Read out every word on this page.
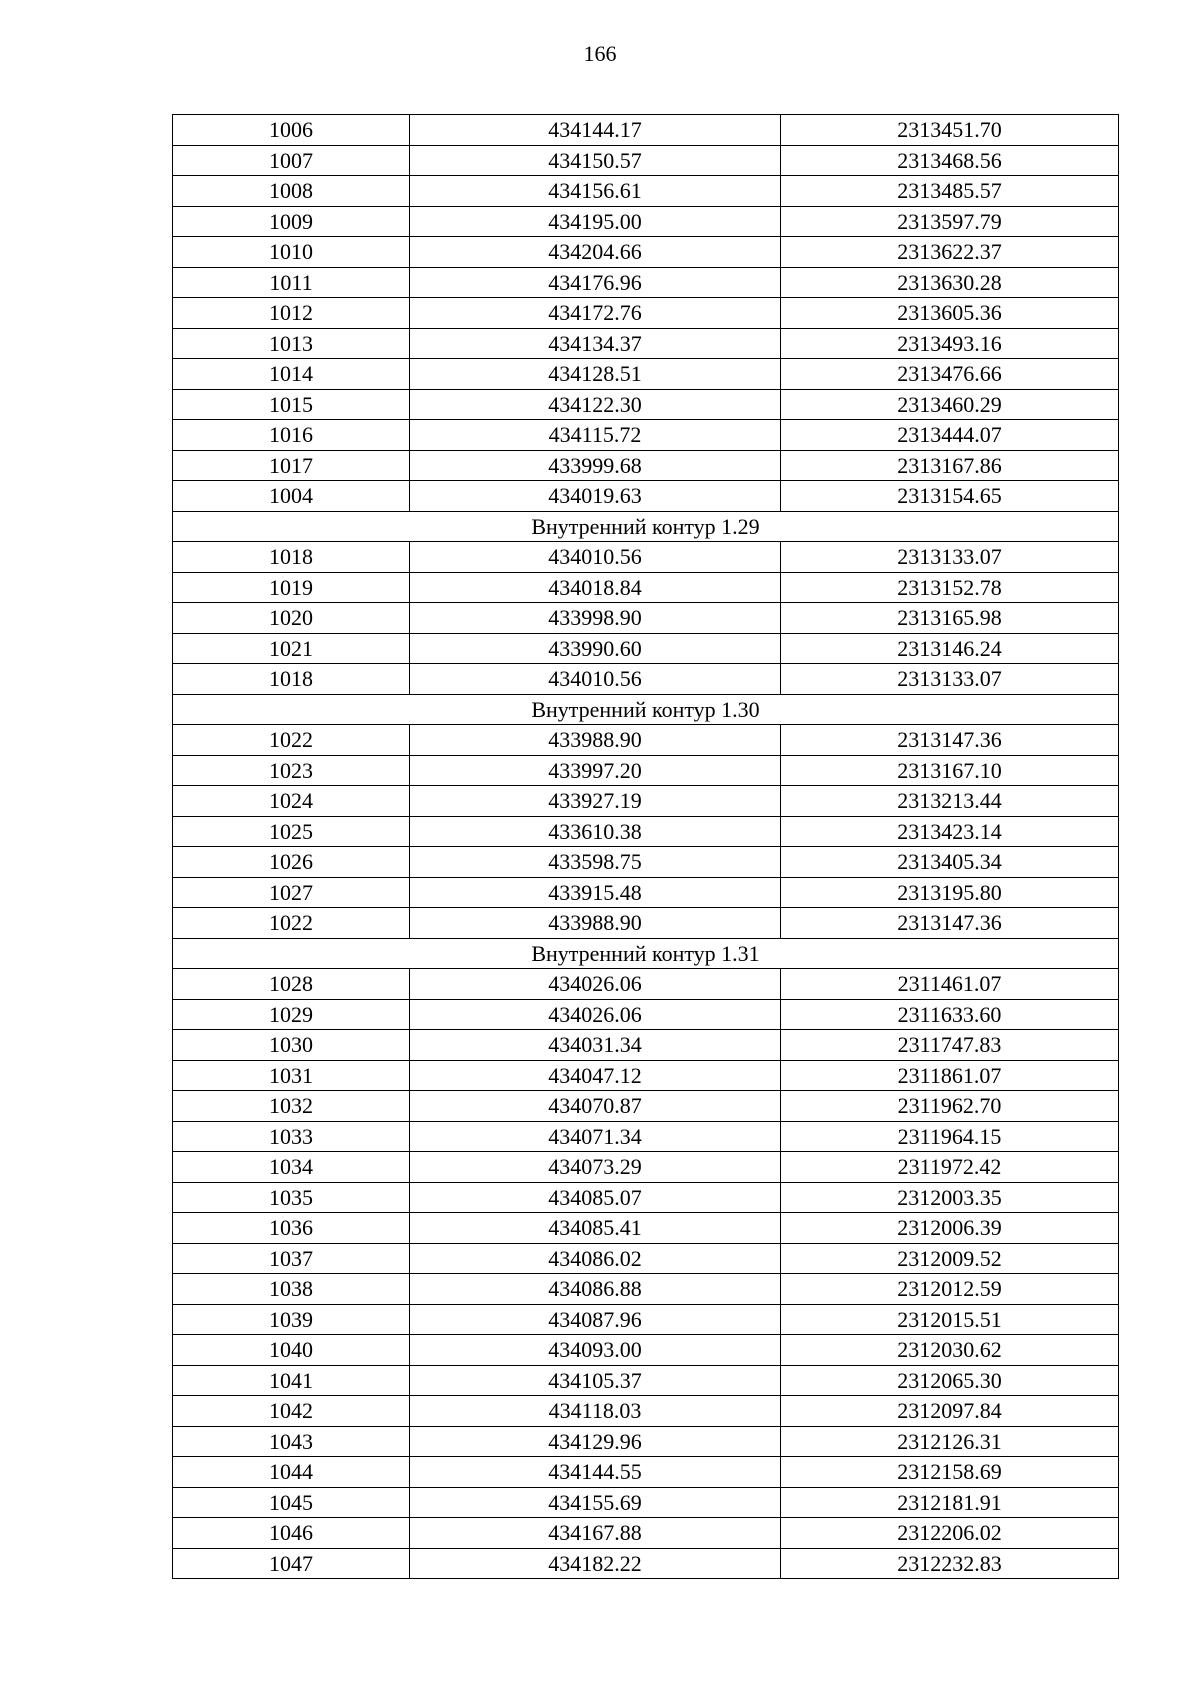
166
1006	434144.17	2313451.70
1007	434150.57	2313468.56
1008	434156.61	2313485.57
1009	434195.00	2313597.79
1010	434204.66	2313622.37
1011	434176.96	2313630.28
1012	434172.76	2313605.36
1013	434134.37	2313493.16
1014	434128.51	2313476.66
1015	434122.30	2313460.29
1016	434115.72	2313444.07
1017	433999.68	2313167.86
1004	434019.63	2313154.65
Внутренний контур 1.29		
1018	434010.56	2313133.07
1019	434018.84	2313152.78
1020	433998.90	2313165.98
1021	433990.60	2313146.24
1018	434010.56	2313133.07
Внутренний контур 1.30		
1022	433988.90	2313147.36
1023	433997.20	2313167.10
1024	433927.19	2313213.44
1025	433610.38	2313423.14
1026	433598.75	2313405.34
1027	433915.48	2313195.80
1022	433988.90	2313147.36
Внутренний контур 1.31		
1028	434026.06	2311461.07
1029	434026.06	2311633.60
1030	434031.34	2311747.83
1031	434047.12	2311861.07
1032	434070.87	2311962.70
1033	434071.34	2311964.15
1034	434073.29	2311972.42
1035	434085.07	2312003.35
1036	434085.41	2312006.39
1037	434086.02	2312009.52
1038	434086.88	2312012.59
1039	434087.96	2312015.51
1040	434093.00	2312030.62
1041	434105.37	2312065.30
1042	434118.03	2312097.84
1043	434129.96	2312126.31
1044	434144.55	2312158.69
1045	434155.69	2312181.91
1046	434167.88	2312206.02
1047	434182.22	2312232.83
